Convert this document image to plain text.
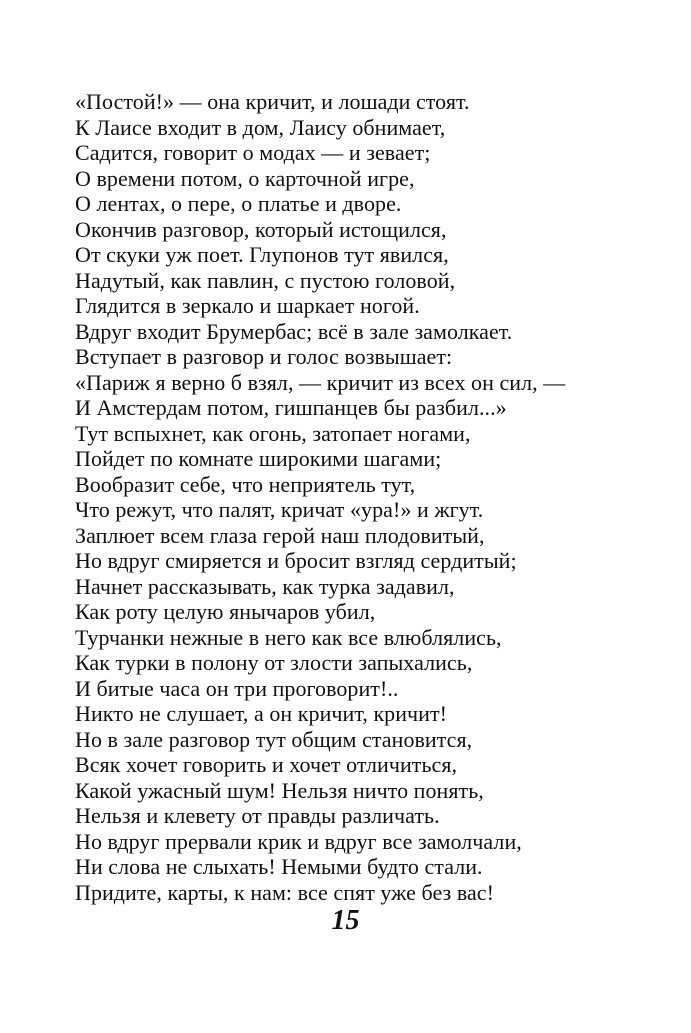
«Постой!» — она кричит, и лошади стоят.
К Лаисе входит в дом, Лаису обнимает,
Садится, говорит о модах — и зевает;
О времени потом, о карточной игре,
О лентах, о пере, о платье и дворе.
Окончив разговор, который истощился,
От скуки уж поет. Глупонов тут явился,
Надутый, как павлин, с пустою головой,
Глядится в зеркало и шаркает ногой.
Вдруг входит Брумербас; всё в зале замолкает.
Вступает в разговор и голос возвышает:
«Париж я верно б взял, — кричит из всех он сил, —
И Амстердам потом, гишпанцев бы разбил...»
Тут вспыхнет, как огонь, затопает ногами,
Пойдет по комнате широкими шагами;
Вообразит себе, что неприятель тут,
Что режут, что палят, кричат «ура!» и жгут.
Заплюет всем глаза герой наш плодовитый,
Но вдруг смиряется и бросит взгляд сердитый;
Начнет рассказывать, как турка задавил,
Как роту целую янычаров убил,
Турчанки нежные в него как все влюблялись,
Как турки в полону от злости запыхались,
И битые часа он три проговорит!..
Никто не слушает, а он кричит, кричит!
Но в зале разговор тут общим становится,
Всяк хочет говорить и хочет отличиться,
Какой ужасный шум! Нельзя ничто понять,
Нельзя и клевету от правды различать.
Но вдруг прервали крик и вдруг все замолчали,
Ни слова не слыхать! Немыми будто стали.
Придите, карты, к нам: все спят уже без вас!

15
